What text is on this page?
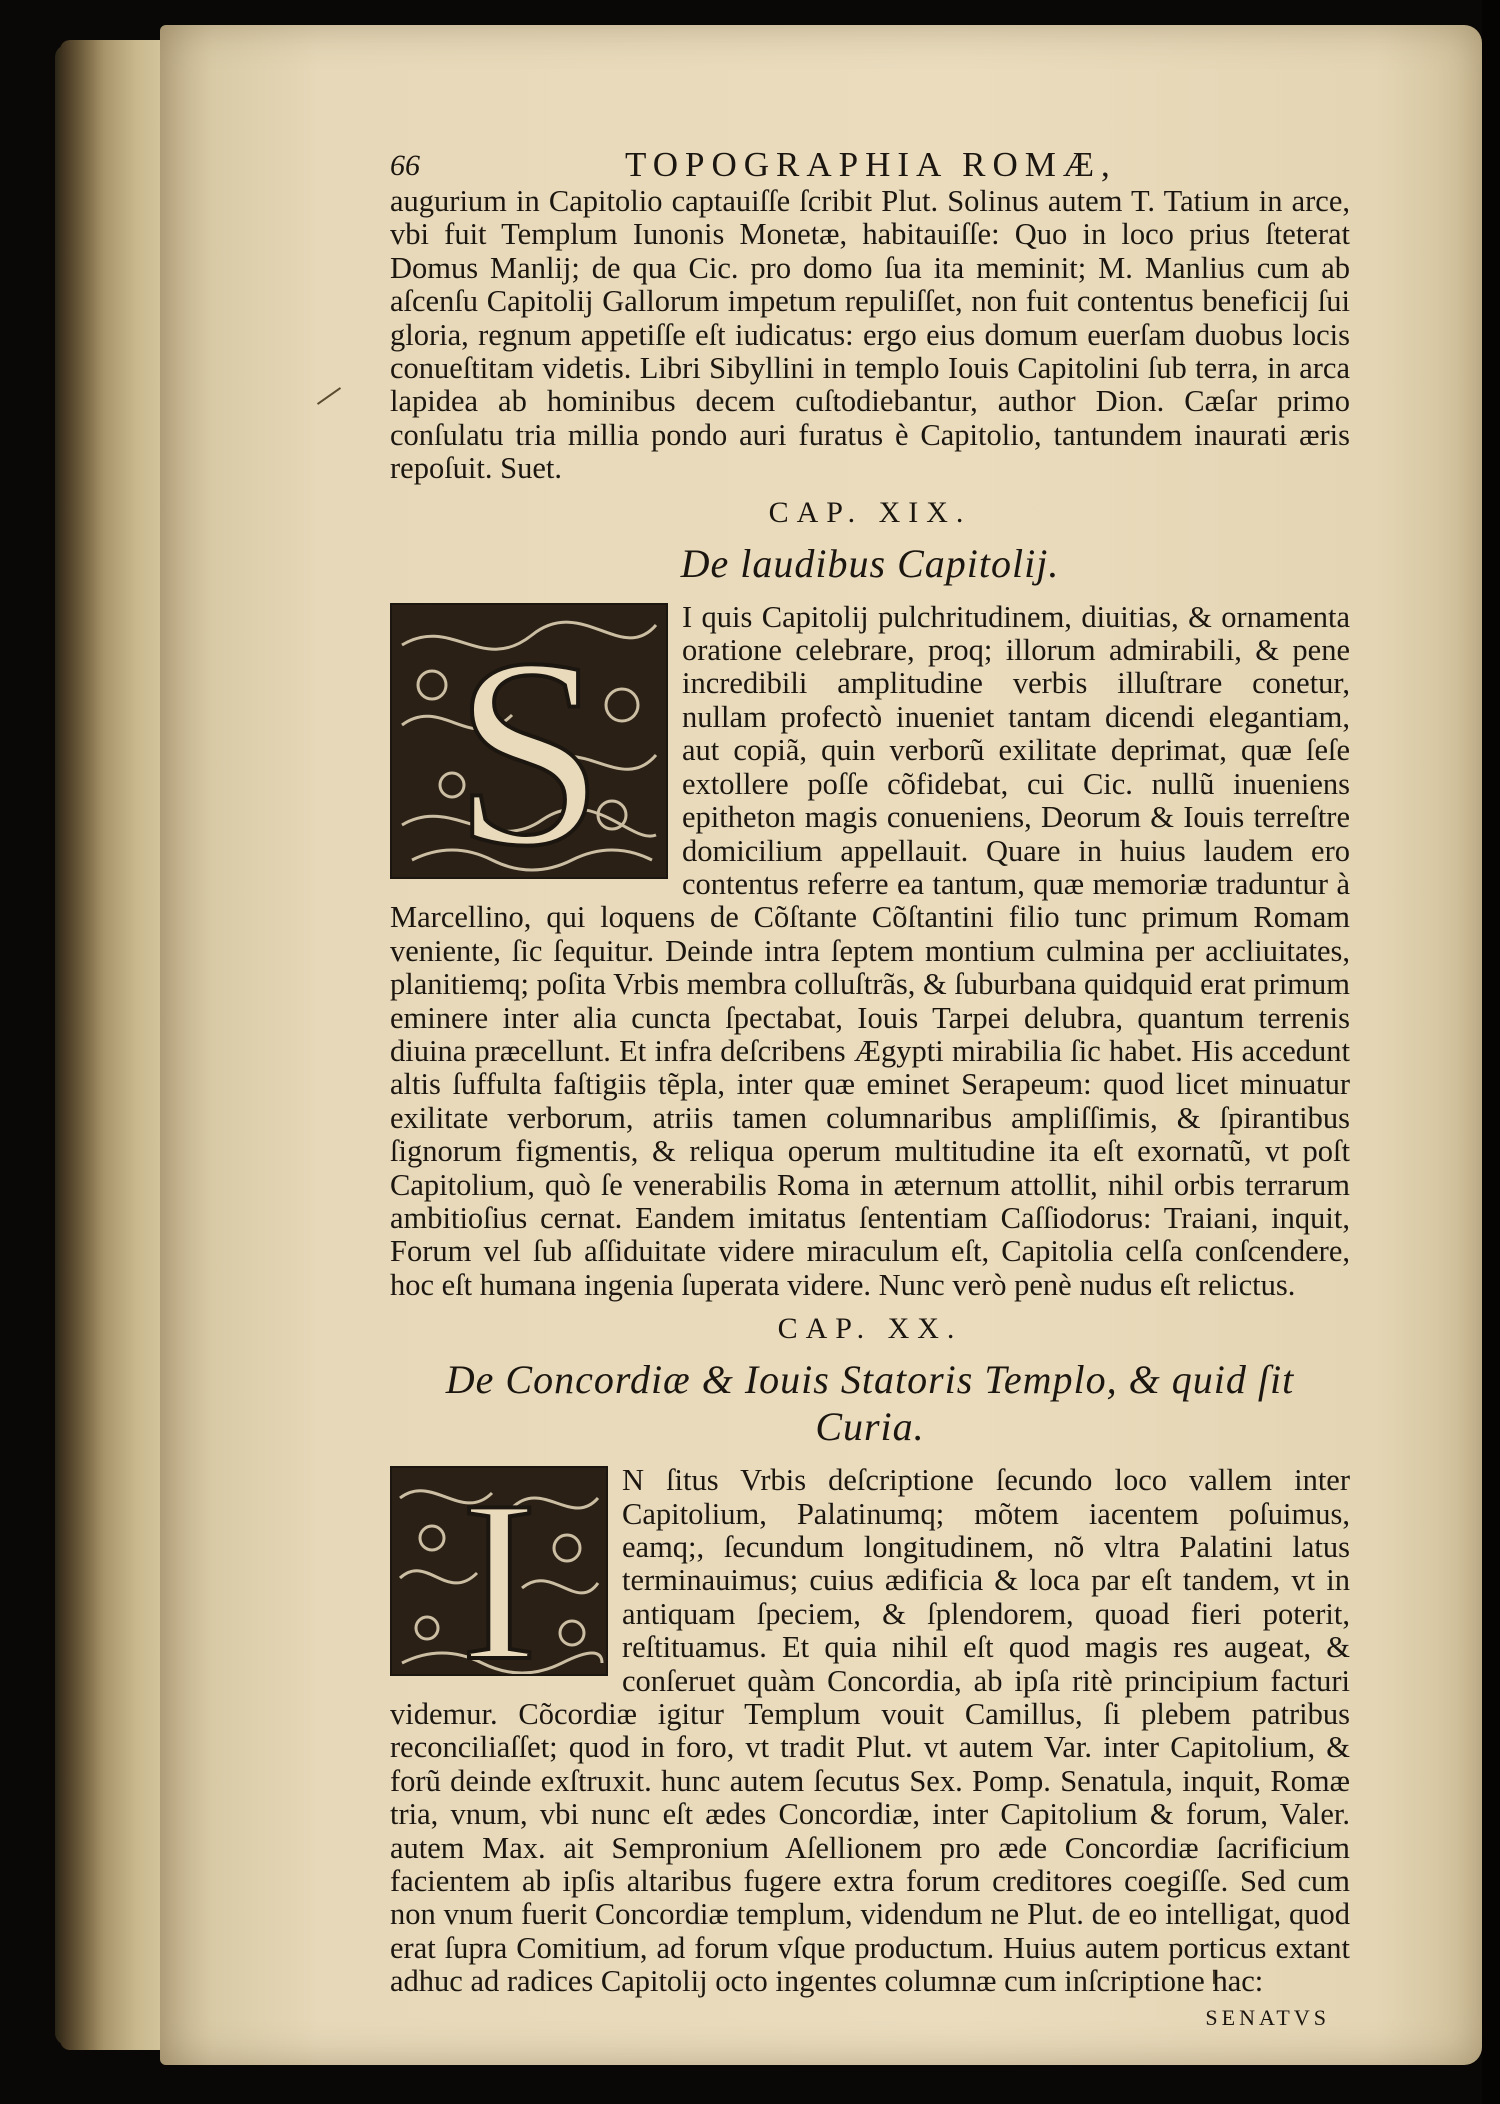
66	TOPOGRAPHIA ROMÆ,

augurium in Capitolio captauiſſe ſcribit Plut. Solinus autem T. Tatium in arce, vbi fuit Templum Iunonis Monetæ, habitauiſſe: Quo in loco prius ſteterat Domus Manlij; de qua Cic. pro domo ſua ita meminit; M. Manlius cum ab aſcenſu Capitolij Gallorum impetum repuliſſet, non fuit contentus beneficij ſui gloria, regnum appetiſſe eſt iudicatus: ergo eius domum euerſam duobus locis conueſtitam videtis. Libri Sibyllini in templo Iouis Capitolini ſub terra, in arca lapidea ab hominibus decem cuſtodiebantur, author Dion. Cæſar primo conſulatu tria millia pondo auri furatus è Capitolio, tantundem inaurati æris repoſuit. Suet.

CAP. XIX.
De laudibus Capitolij.
S	I quis Capitolij pulchritudinem, diuitias, & ornamenta oratione celebrare, proq; illorum admirabili, & pene incredibili amplitudine verbis illuſtrare conetur, nullam profectò inueniet tantam dicendi elegantiam, aut copiã, quin verborũ exilitate deprimat, quæ ſeſe extollere poſſe cõfidebat, cui Cic. nullũ inueniens epitheton magis conueniens, Deorum & Iouis terreſtre domicilium appellauit. Quare in huius laudem ero contentus referre ea tantum, quæ memoriæ traduntur à Marcellino, qui loquens de Cõſtante Cõſtantini filio tunc primum Romam veniente, ſic ſequitur. Deinde intra ſeptem montium culmina per accliuitates, planitiemq; poſita Vrbis membra colluſtrãs, & ſuburbana quidquid erat primum eminere inter alia cuncta ſpectabat, Iouis Tarpei delubra, quantum terrenis diuina præcellunt. Et infra deſcribens Ægypti mirabilia ſic habet. His accedunt altis ſuffulta faſtigiis tẽpla, inter quæ eminet Serapeum: quod licet minuatur exilitate verborum, atriis tamen columnaribus ampliſſimis, & ſpirantibus ſignorum figmentis, & reliqua operum multitudine ita eſt exornatũ, vt poſt Capitolium, quò ſe venerabilis Roma in æternum attollit, nihil orbis terrarum ambitioſius cernat. Eandem imitatus ſententiam Caſſiodorus: Traiani, inquit, Forum vel ſub aſſiduitate videre miraculum eſt, Capitolia celſa conſcendere, hoc eſt humana ingenia ſuperata videre. Nunc verò penè nudus eſt relictus.

CAP. XX.
De Concordiæ & Iouis Statoris Templo, & quid ſit Curia.
I	N ſitus Vrbis deſcriptione ſecundo loco vallem inter Capitolium, Palatinumq; mõtem iacentem poſuimus, eamq;, ſecundum longitudinem, nõ vltra Palatini latus terminauimus; cuius ædificia & loca par eſt tandem, vt in antiquam ſpeciem, & ſplendorem, quoad fieri poterit, reſtituamus. Et quia nihil eſt quod magis res augeat, & conſeruet quàm Concordia, ab ipſa ritè principium facturi videmur. Cõcordiæ igitur Templum vouit Camillus, ſi plebem patribus reconciliaſſet; quod in foro, vt tradit Plut. vt autem Var. inter Capitolium, & forũ deinde exſtruxit. hunc autem ſecutus Sex. Pomp. Senatula, inquit, Romæ tria, vnum, vbi nunc eſt ædes Concordiæ, inter Capitolium & forum, Valer. autem Max. ait Sempronium Aſellionem pro æde Concordiæ ſacrificium facientem ab ipſis altaribus fugere extra forum creditores coegiſſe. Sed cum non vnum fuerit Concordiæ templum, videndum ne Plut. de eo intelligat, quod erat ſupra Comitium, ad forum vſque productum. Huius autem porticus extant adhuc ad radices Capitolij octo ingentes columnæ cum inſcriptione hac:

SENATVS
